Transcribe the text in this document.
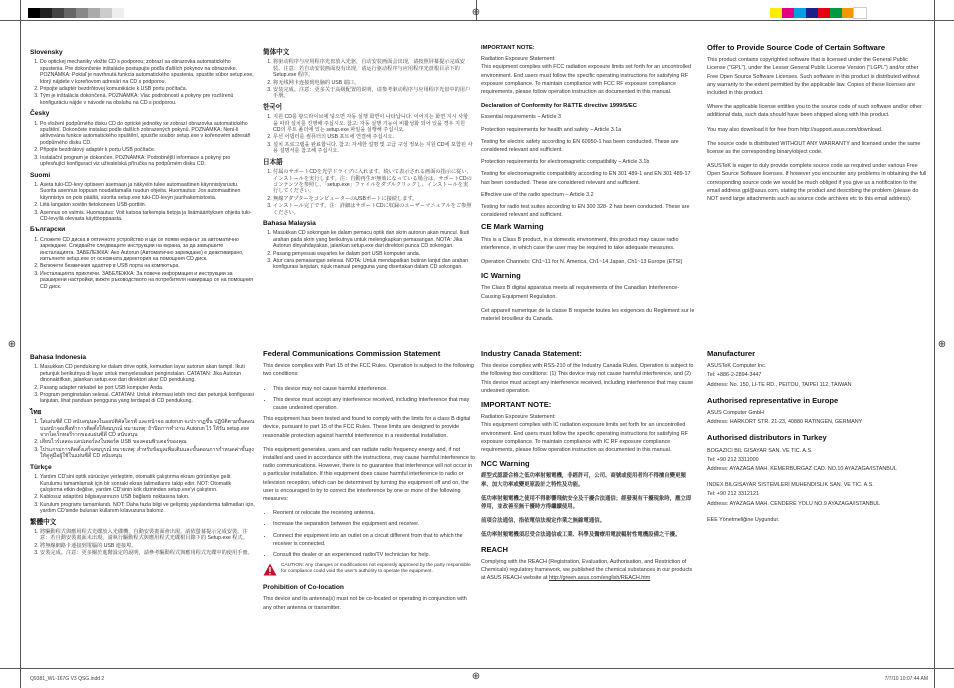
⊕
⊕	⊕
⊕
Slovensky
1. Do optickej mechaniky vložte CD s podporou; zobrazí sa obrazovka automatického spustenia. Pre dokončenie inštalácie postupujte podľa ďalších pokynov na obrazovke. POZNÁMKA: Pokiaľ je navrhnutá funkcia automatického spustenia, spustite súbor setup.exe, ktorý nájdete v koreňovom adresári na CD s podporou.
2. Pripojte adaptér bezdrôtovej komunikácie k USB portu počítača.
3. Tým je inštalácia dokončená. POZNÁMKA: Viac podrobností a pokyny pre rozšírenú konfiguráciu nájde v návode na obsluhu na CD s podporou.
Česky
1. Po vložení podpůrného disku CD do optické jednotky se zobrazí obrazovka automatického spuštění. Dokončete instalaci podle dalších zobrazených pokynů. POZNÁMKA: Není-li aktivována funkce automatického spuštění, spusťte soubor setup.exe v kořenovém adresáři podpůrného disku CD.
2. Připojte bezdrátový adaptér k portu USB počítače.
3. Instalační program je dokončen. POZNÁMKA: Podrobnější informace a pokyny pro upřesňující konfiguraci viz uživatelská příručka na podpůrném disku CD.
Suomi
1. Aseta tuki-CD-levy optiseen asemaan ja näkyviin tulee automaattinen käynnistysruutu. Suorita asennus loppuun noudattamalla ruudun ohjeita. Huomautus: Jos automaattinen käynnistys on pois päältä, suorita setup.exe tuki-CD-levyn juurihakemistosta.
2. Liitä langaton sovitin tietokoneen USB-porttiin.
3. Asennus on valmis. Huomautus: Voit katsoa tarkempia tietoja ja lisämäärityksen ohjeita tuki-CD-levyllä olevasta käyttöoppaasta.
Български
1. Сложете CD диска в оптичното устройство и ще се появи екранът за автоматично зареждане. Следвайте следващите инструкции на екрана, за да завършите инсталацията. ЗАБЕЛЕЖКА: Ако Autorun (Автоматично зареждане) е деактивирано, изпълнете setup.exe от основната директория на помощния CD диск.
2. Включете безжичния адаптер в USB порта на компютъра.
3. Инсталацията приключи. ЗАБЕЛЕЖКА: За повече информация и инструкции за разширени настройки, вижте ръководството на потребителя намиращо се на помощния CD диск.
Bahasa Indonesia
1. Masukkan CD pendukung ke dalam drive optik, kemudian layar autorun akan tampil. Ikuti petunjuk berikutnya di layar untuk menyelesaikan penginstalan. CATATAN: Jika Autorun dinonaktifkan, jalankan setup.exe dari direktori akar CD pendukung.
2. Pasang adapter nirkabel ke port USB komputer Anda.
3. Program penginstalan selesai. CATATAN: Untuk informasi lebih rinci dan petunjuk konfigurasi lanjutan, lihat panduan pengguna yang terdapat di CD pendukung.
ไทย
1. ใส่แผ่นซีดี CD สนับสนุนลงในออปติคัลไดรฟ์ และหน้าจอ autorun จะปรากฏขึ้น ปฏิบัติตามขั้นตอนบนหน้าจอเพื่อทำการติดตั้งให้สมบูรณ์ หมายเหตุ: ถ้าปิดการทำงาน Autorun ไว้ ให้รัน setup.exe จากไดเร็กทอรีรากของแผ่นซีดี CD สนับสนุน
2. เสียบไวร์เลสอะแดปเตอร์ลงในพอร์ต USB ของคอมพิวเตอร์ของคุณ
3. โปรแกรมการติดตั้งเสร็จสมบูรณ์ หมายเหตุ: สำหรับข้อมูลเพิ่มเติมและขั้นตอนการกำหนดค่าขั้นสูง ให้ดูคู่มือผู้ใช้ในแผ่นซีดี CD สนับสนุน
Türkçe
1. Yardım CD'sini optik sürücüye yerleştirin, otomatik çalıştırma ekranı görüntüye gelir. Kurulumu tamamlamak için bir sonraki ekran talimatlarını takip edin. NOT: Otomatik çalıştırma etkin değilse, yardım CD'sinin kök dizininden setup.exe'yi çalıştırın.
2. Kablosuz adaptörü bilgisayarınızın USB bağlantı noktasına takın.
3. Kurulum programı tamamlandı. NOT: Daha fazla bilgi ve gelişmiş yapılandırma talimatları için, yardım CD'sinde bulunan kullanım kılavuzuna bakınız.
繁體中文
1. 將驅動程式與應用程式光碟放入光碟機，自動安裝畫面會出現。請依螢幕提示完成安裝。注意：若自動安裝畫面未出現，請執行驅動程式與應用程式光碟根目錄下的 Setup.exe 程式。
2. 將無線網路卡連接到電腦的 USB 連接埠。
3. 安裝完成。注意：更多關於進階設定的說明，請參考驅動程式與應用程式光碟中的使用手冊。
简体中文
1. 将驱动程序与应用程序光盘放入光驱，自动安装画面会出现，请按照屏幕提示完成安装。注意：若自动安装画面没有出现，请运行驱动程序与应用程序光盘根目录下的 Setup.exe 程序。
2. 将无线网卡连接到电脑的 USB 端口。
3. 安装完成。注意：更多关于高级配置的说明，请参考驱动程序与应用程序光盘中的用户手册。
한국어
1. 지원 CD를 광드라이브에 넣으면 자동 실행 화면이 나타납니다. 이어지는 화면 지시 사항을 따라 설치를 진행해 주십시오. 참고: 자동 실행 기능이 비활성화 되어 있을 경우 지원 CD의 루트 폴더에 있는 setup.exe 파일을 실행해 주십시오.
2. 무선 어댑터를 컴퓨터의 USB 포트에 연결해 주십시오.
3. 설치 프로그램을 완료합니다. 참고: 자세한 설명 및 고급 구성 정보는 지원 CD에 포함된 사용 설명서를 참고해 주십시오.
日本語
1. 付属のサポートCDを光学ドライブに入れます。続いて表示される画面の指示に従い、インストールを実行します。注：自動再生が無効になっている場合は、サポートCDのコンテンツを参照し、「setup.exe」ファイルをダブルクリックし、インストールを実行してください。
2. 無線アダプターをコンピューターのUSBポートに接続します。
3. インストール完了です。注：詳細はサポートCDに収録のユーザーマニュアルをご参照ください。
Bahasa Malaysia
1. Masukkan CD sokongan ke dalam pemacu optik dan skrin autorun akan muncul. Ikuti arahan pada skrin yang berikutnya untuk melengkapkan pemasangan. NOTA: Jika Autorun dinyahdayakan, jalankan setup.exe dari direktori punca CD sokongan.
2. Pasang penyesuai wayarles ke dalam port USB komputer anda.
3. Atur cara pemasangan selesai. NOTA: Untuk mendapatkan butiran lanjut dan arahan konfigurasi lanjutan, rujuk manual pengguna yang disertakan dalam CD sokongan.
Federal Communications Commission Statement

This device complies with Part 15 of the FCC Rules. Operation is subject to the following two conditions:

• This device may not cause harmful interference.
• This device must accept any interference received, including interference that may cause undesired operation.

This equipment has been tested and found to comply with the limits for a class B digital device, pursuant to part 15 of the FCC Rules. These limits are designed to provide reasonable protection against harmful interference in a residential installation.

This equipment generates, uses and can radiate radio frequency energy and, if not installed and used in accordance with the instructions, may cause harmful interference to radio communications. However, there is no guarantee that interference will not occur in a particular installation. If this equipment does cause harmful interference to radio or television reception, which can be determined by turning the equipment off and on, the user is encouraged to try to correct the interference by one or more of the following measures:

• Reorient or relocate the receiving antenna.
• Increase the separation between the equipment and receiver.
• Connect the equipment into an outlet on a circuit different from that to which the receiver is connected.
• Consult the dealer or an experienced radio/TV technician for help.
CAUTION: Any changes or modifications not expressly approved by the party responsible for compliance could void the user's authority to operate the equipment.
Prohibition of Co-location

This device and its antenna(s) must not be co-located or operating in conjunction with any other antenna or transmitter.

IMPORTANT NOTE:

Radiation Exposure Statement:

This equipment complies with FCC radiation exposure limits set forth for an uncontrolled environment. End users must follow the specific operating instructions for satisfying RF exposure compliance. To maintain compliance with FCC RF exposure compliance requirements, please follow operation instruction as documented in this manual.

Declaration of Conformity for R&TTE directive 1999/5/EC

Essential requirements – Article 3

Protection requirements for health and safety – Article 3.1a

Testing for electric safety according to EN 60950-1 has been conducted. These are considered relevant and sufficient.

Protection requirements for electromagnetic compatibility – Article 3.1b

Testing for electromagnetic compatibility according to EN 301 489-1 and EN 301 489-17 has been conducted. These are considered relevant and sufficient.

Effective use of the radio spectrum – Article 3.2

Testing for radio test suites according to EN 300 328- 2 has been conducted. These are considered relevant and sufficient.

CE Mark Warning

This is a Class B product, in a domestic environment, this product may cause radio interference, in which case the user may be required to take adequate measures.

Operation Channels: Ch1~11 for N. America, Ch1~14 Japan, Ch1~13 Europe (ETSI)

IC Warning

The Class B digital apparatus meets all requirements of the Canadian Interference-Causing Equipment Regulation.

Cet appareil numerique de la classe B respecte toutes les exigences du Reglement sur le materiel brouilleur du Canada.

Industry Canada Statement:

This device complies with RSS-210 of the Industry Canada Rules. Operation is subject to the following two conditions: (1) This device may not cause harmful interference, and (2) This device must accept any interference received, including interference that may cause undesired operation.

IMPORTANT NOTE:

Radiation Exposure Statement:

This equipment complies with IC radiation exposure limits set forth for an uncontrolled environment. End users must follow the specific operating instructions for satisfying RF exposure compliance. To maintain compliance with IC RF exposure compliance requirements, please follow operation instruction as documented in this manual.

NCC Warning

經型式認證合格之低功率射頻電機，非經許可，公司、商號或使用者均不得擅自變更頻率、加大功率或變更原設計之特性及功能。

低功率射頻電機之使用不得影響飛航安全及干擾合法通信；經發現有干擾現象時，應立即停用，並改善至無干擾時方得繼續使用。

前項合法通信，指依電信法規定作業之無線電通信。

低功率射頻電機須忍受合法通信或工業、科學及醫療用電波輻射性電機設備之干擾。

REACH

Complying with the REACH (Registration, Evaluation, Authorisation, and Restriction of Chemicals) regulatory framework, we published the chemical substances in our products at ASUS REACH website at http://green.asus.com/english/REACH.htm

Offer to Provide Source Code of Certain Software

This product contains copyrighted software that is licensed under the General Public License ("GPL"), under the Lesser General Public License Version ("LGPL") and/or other Free Open Source Software Licenses. Such software in this product is distributed without any warranty to the extent permitted by the applicable law. Copies of these licenses are included in this product.

Where the applicable license entitles you to the source code of such software and/or other additional data, such data should have been shipped along with this product.

You may also download it for free from http://support.asus.com/download.

The source code is distributed WITHOUT ANY WARRANTY and licensed under the same license as the corresponding binary/object code.

ASUSTeK is eager to duly provide complete source code as required under various Free Open Source Software licenses. If however you encounter any problems in obtaining the full corresponding source code we would be much obliged if you give us a notification to the email address gpl@asus.com, stating the product and describing the problem (please do NOT send large attachments such as source code archives etc to this email address).

Manufacturer

ASUSTeK Computer Inc.

Tel: +886-2-2894-3447

Address: No. 150, LI-TE RD., PEITOU, TAIPEI 112, TAIWAN

Authorised representative in Europe

ASUS Computer GmbH

Address: HARKORT STR. 21-23, 40880 RATINGEN, GERMANY

Authorised distributors in Turkey

BOGAZICI BIL GISAYAR SAN. VE TIC. A.S.

Tel: +90 212 3311000

Address: AYAZAGA MAH. KEMERBURGAZ CAD. NO.10 AYAZAGA/ISTANBUL

INDEX BILGISAYAR SISTEMLERI MUHENDISLIK SAN. VE TIC. A.S.

Tel: +90 212 3312121

Address: AYAZAGA MAH. CENDERE YOLU NO.9 AYAZAGA/ISTANBUL

EEE Yönetmeliğine Uygundur.

Q9381_WL-167G V3 QSG.indd 2	7/7/10 10:07:44 AM
